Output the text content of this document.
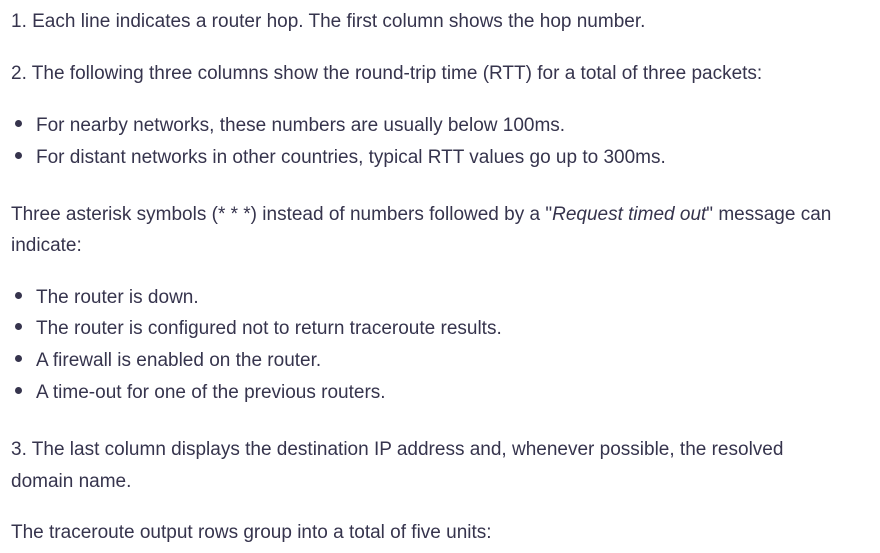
1. Each line indicates a router hop. The first column shows the hop number.
2. The following three columns show the round-trip time (RTT) for a total of three packets:
For nearby networks, these numbers are usually below 100ms.
For distant networks in other countries, typical RTT values go up to 300ms.
Three asterisk symbols (* * *) instead of numbers followed by a "Request timed out" message can
indicate:
The router is down.
The router is configured not to return traceroute results.
A firewall is enabled on the router.
A time-out for one of the previous routers.
3. The last column displays the destination IP address and, whenever possible, the resolved
domain name.
The traceroute output rows group into a total of five units:
